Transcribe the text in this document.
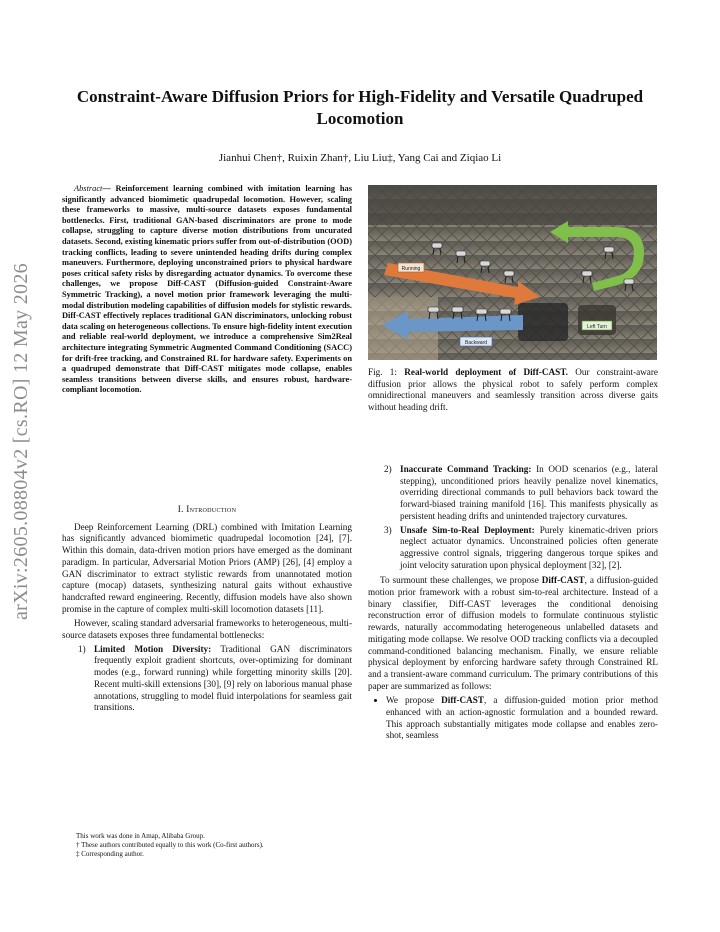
arXiv:2605.08804v2 [cs.RO] 12 May 2026
Constraint-Aware Diffusion Priors for High-Fidelity and Versatile Quadruped Locomotion
Jianhui Chen†, Ruixin Zhan†, Liu Liu‡, Yang Cai and Ziqiao Li

Abstract— Reinforcement learning combined with imitation learning has significantly advanced biomimetic quadrupedal locomotion. However, scaling these frameworks to massive, multi-source datasets exposes fundamental bottlenecks. First, traditional GAN-based discriminators are prone to mode collapse, struggling to capture diverse motion distributions from uncurated datasets. Second, existing kinematic priors suffer from out-of-distribution (OOD) tracking conflicts, leading to severe unintended heading drifts during complex maneuvers. Furthermore, deploying unconstrained priors to physical hardware poses critical safety risks by disregarding actuator dynamics. To overcome these challenges, we propose Diff-CAST (Diffusion-guided Constraint-Aware Symmetric Tracking), a novel motion prior framework leveraging the multi-modal distribution modeling capabilities of diffusion models for stylistic rewards. Diff-CAST effectively replaces traditional GAN discriminators, unlocking robust data scaling on heterogeneous collections. To ensure high-fidelity intent execution and reliable real-world deployment, we introduce a comprehensive Sim2Real architecture integrating Symmetric Augmented Command Conditioning (SACC) for drift-free tracking, and Constrained RL for hardware safety. Experiments on a quadruped demonstrate that Diff-CAST mitigates mode collapse, enables seamless transitions between diverse skills, and ensures robust, hardware-compliant locomotion.

I. Introduction

Deep Reinforcement Learning (DRL) combined with Imitation Learning has significantly advanced biomimetic quadrupedal locomotion [24], [7]. Within this domain, data-driven motion priors have emerged as the dominant paradigm. In particular, Adversarial Motion Priors (AMP) [26], [4] employ a GAN discriminator to extract stylistic rewards from unannotated motion capture (mocap) datasets, synthesizing natural gaits without exhaustive handcrafted reward engineering. Recently, diffusion models have also shown promise in the capture of complex multi-skill locomotion datasets [11].

However, scaling standard adversarial frameworks to heterogeneous, multi-source datasets exposes three fundamental bottlenecks:

1) Limited Motion Diversity: Traditional GAN discriminators frequently exploit gradient shortcuts, over-optimizing for dominant modes (e.g., forward running) while forgetting minority skills [20]. Recent multi-skill extensions [30], [9] rely on laborious manual phase annotations, struggling to model fluid interpolations for seamless gait transitions.
This work was done in Amap, Alibaba Group.
† These authors contributed equally to this work (Co-first authors).
‡ Corresponding author.
Running
Backward
Left Turn

Fig. 1: Real-world deployment of Diff-CAST. Our constraint-aware diffusion prior allows the physical robot to safely perform complex omnidirectional maneuvers and seamlessly transition across diverse gaits without heading drift.

2) Inaccurate Command Tracking: In OOD scenarios (e.g., lateral stepping), unconditioned priors heavily penalize novel kinematics, overriding directional commands to pull behaviors back toward the forward-biased training manifold [16]. This manifests physically as persistent heading drifts and unintended trajectory curvatures.
3) Unsafe Sim-to-Real Deployment: Purely kinematic-driven priors neglect actuator dynamics. Unconstrained policies often generate aggressive control signals, triggering dangerous torque spikes and joint velocity saturation upon physical deployment [32], [2].

To surmount these challenges, we propose Diff-CAST, a diffusion-guided motion prior framework with a robust sim-to-real architecture. Instead of a binary classifier, Diff-CAST leverages the conditional denoising reconstruction error of diffusion models to formulate continuous stylistic rewards, naturally accommodating heterogeneous unlabelled datasets and mitigating mode collapse. We resolve OOD tracking conflicts via a decoupled command-conditioned balancing mechanism. Finally, we ensure reliable physical deployment by enforcing hardware safety through Constrained RL and a transient-aware command curriculum. The primary contributions of this paper are summarized as follows:

• We propose Diff-CAST, a diffusion-guided motion prior method enhanced with an action-agnostic formulation and a bounded reward. This approach substantially mitigates mode collapse and enables zero-shot, seamless
